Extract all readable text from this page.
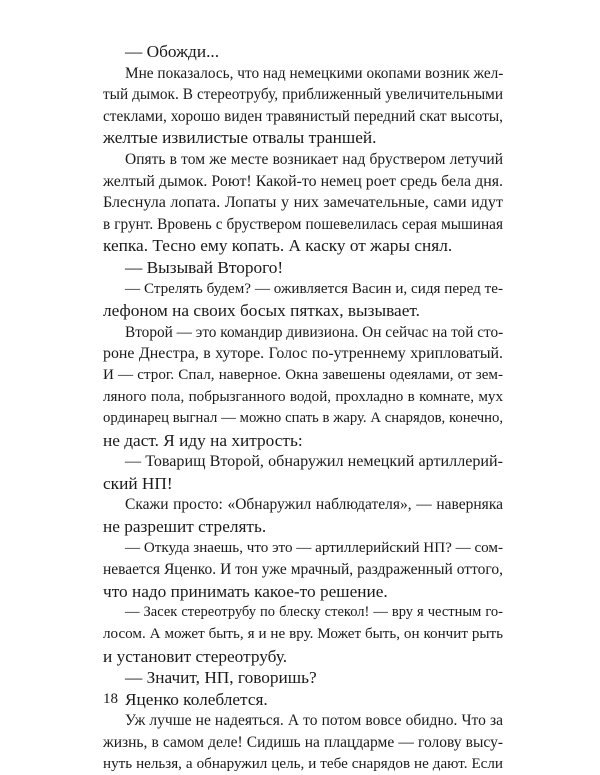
— Обожди...
Мне показалось, что над немецкими окопами возник жел-
тый дымок. В стереотрубу, приближенный увеличительными
стеклами, хорошо виден травянистый передний скат высоты,
желтые извилистые отвалы траншей.
Опять в том же месте возникает над бруствером летучий
желтый дымок. Роют! Какой-то немец роет средь бела дня.
Блеснула лопата. Лопаты у них замечательные, сами идут
в грунт. Вровень с бруствером пошевелилась серая мышиная
кепка. Тесно ему копать. А каску от жары снял.
— Вызывай Второго!
— Стрелять будем? — оживляется Васин и, сидя перед те-
лефоном на своих босых пятках, вызывает.
Второй — это командир дивизиона. Он сейчас на той сто-
роне Днестра, в хуторе. Голос по-утреннему хрипловатый.
И — строг. Спал, наверное. Окна завешены одеялами, от зем-
ляного пола, побрызганного водой, прохладно в комнате, мух
ординарец выгнал — можно спать в жару. А снарядов, конечно,
не даст. Я иду на хитрость:
— Товарищ Второй, обнаружил немецкий артиллерий-
ский НП!
Скажи просто: «Обнаружил наблюдателя», — наверняка
не разрешит стрелять.
— Откуда знаешь, что это — артиллерийский НП? — сом-
невается Яценко. И тон уже мрачный, раздраженный оттого,
что надо принимать какое-то решение.
— Засек стереотрубу по блеску стекол! — вру я честным го-
лосом. А может быть, я и не вру. Может быть, он кончит рыть
и установит стереотрубу.
— Значит, НП, говоришь?
Яценко колеблется.
Уж лучше не надеяться. А то потом вовсе обидно. Что за
жизнь, в самом деле! Сидишь на плацдарме — голову высу-
нуть нельзя, а обнаружил цель, и тебе снарядов не дают. Если
18
